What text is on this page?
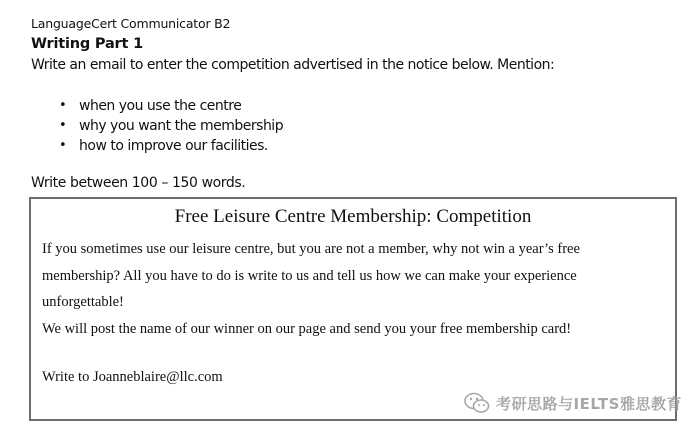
LanguageCert Communicator B2
Writing Part 1
Write an email to enter the competition advertised in the notice below. Mention:
• when you use the centre
• why you want the membership
• how to improve our facilities.
Write between 100 – 150 words.
Free Leisure Centre Membership: Competition

If you sometimes use our leisure centre, but you are not a member, why not win a year’s free
membership? All you have to do is write to us and tell us how we can make your experience
unforgettable!
We will post the name of our winner on our page and send you your free membership card!

Write to Joanneblaire@llc.com
考研思路与IELTS雅思教育
